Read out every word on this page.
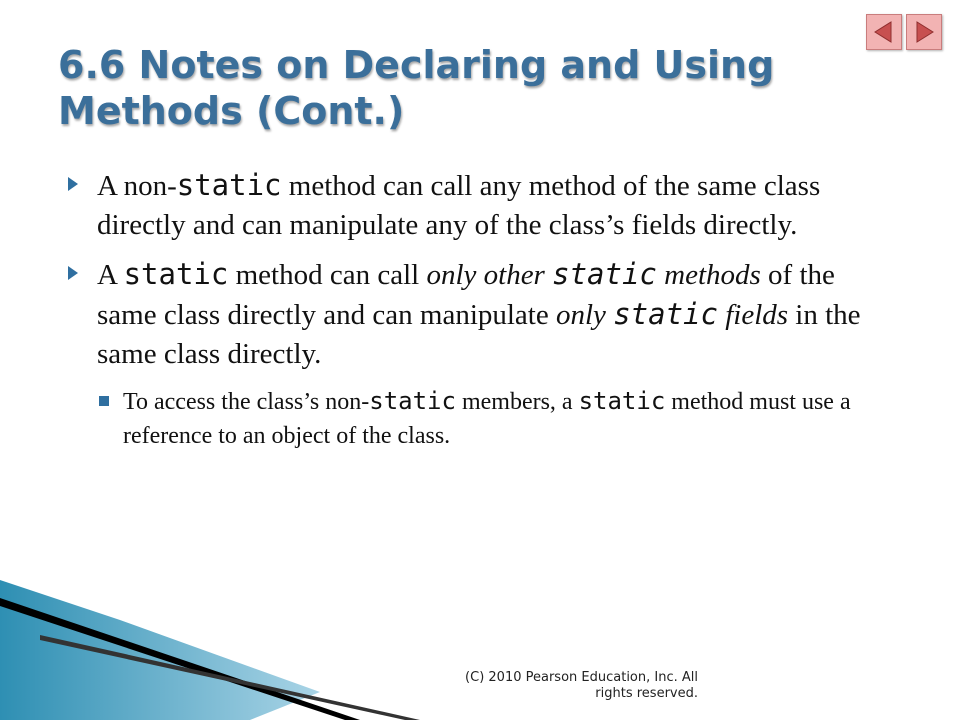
6.6 Notes on Declaring and Using Methods (Cont.)

A non-static method can call any method of the same class directly and can manipulate any of the class’s fields directly.

A static method can call only other static methods of the same class directly and can manipulate only static fields in the same class directly.

To access the class’s non-static members, a static method must use a reference to an object of the class.

(C) 2010 Pearson Education, Inc. All rights reserved.
